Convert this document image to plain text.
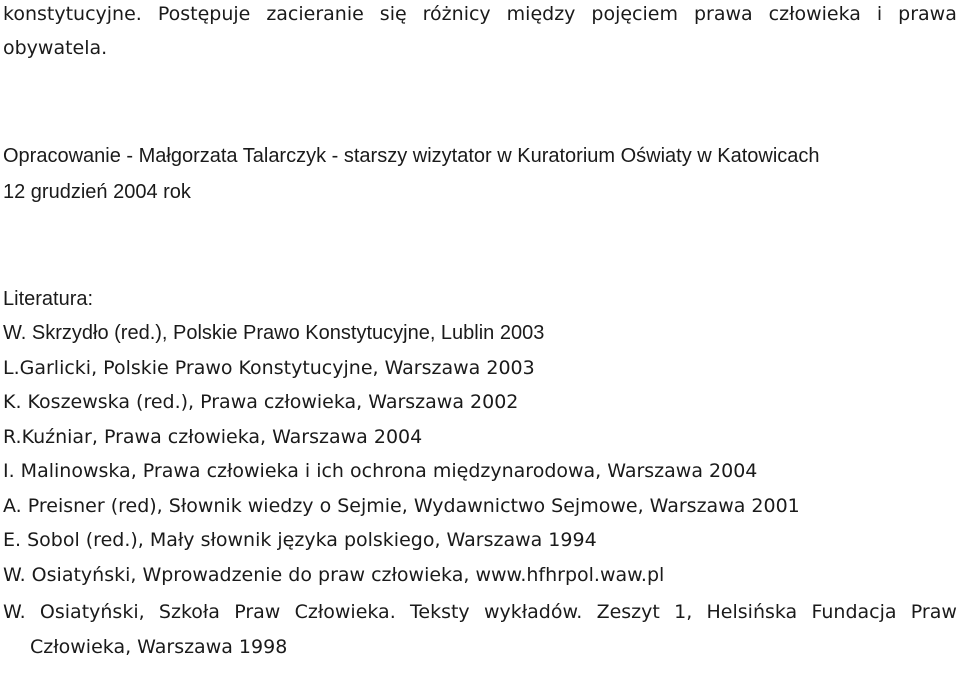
konstytucyjne. Postępuje zacieranie się różnicy między pojęciem prawa człowieka i prawa
obywatela.
Opracowanie - Małgorzata Talarczyk - starszy wizytator w Kuratorium Oświaty w Katowicach
12 grudzień 2004 rok
Literatura:
W. Skrzydło (red.), Polskie Prawo Konstytucyjne, Lublin 2003
L.Garlicki, Polskie Prawo Konstytucyjne, Warszawa 2003
K. Koszewska (red.), Prawa człowieka, Warszawa 2002
R.Kuźniar, Prawa człowieka, Warszawa 2004
I. Malinowska, Prawa człowieka i ich ochrona międzynarodowa, Warszawa 2004
A. Preisner (red), Słownik wiedzy o Sejmie, Wydawnictwo Sejmowe, Warszawa 2001
E. Sobol (red.), Mały słownik języka polskiego, Warszawa 1994
W. Osiatyński, Wprowadzenie do praw człowieka, www.hfhrpol.waw.pl
W. Osiatyński, Szkoła Praw Człowieka. Teksty wykładów. Zeszyt 1, Helsińska Fundacja Praw
Człowieka, Warszawa 1998
